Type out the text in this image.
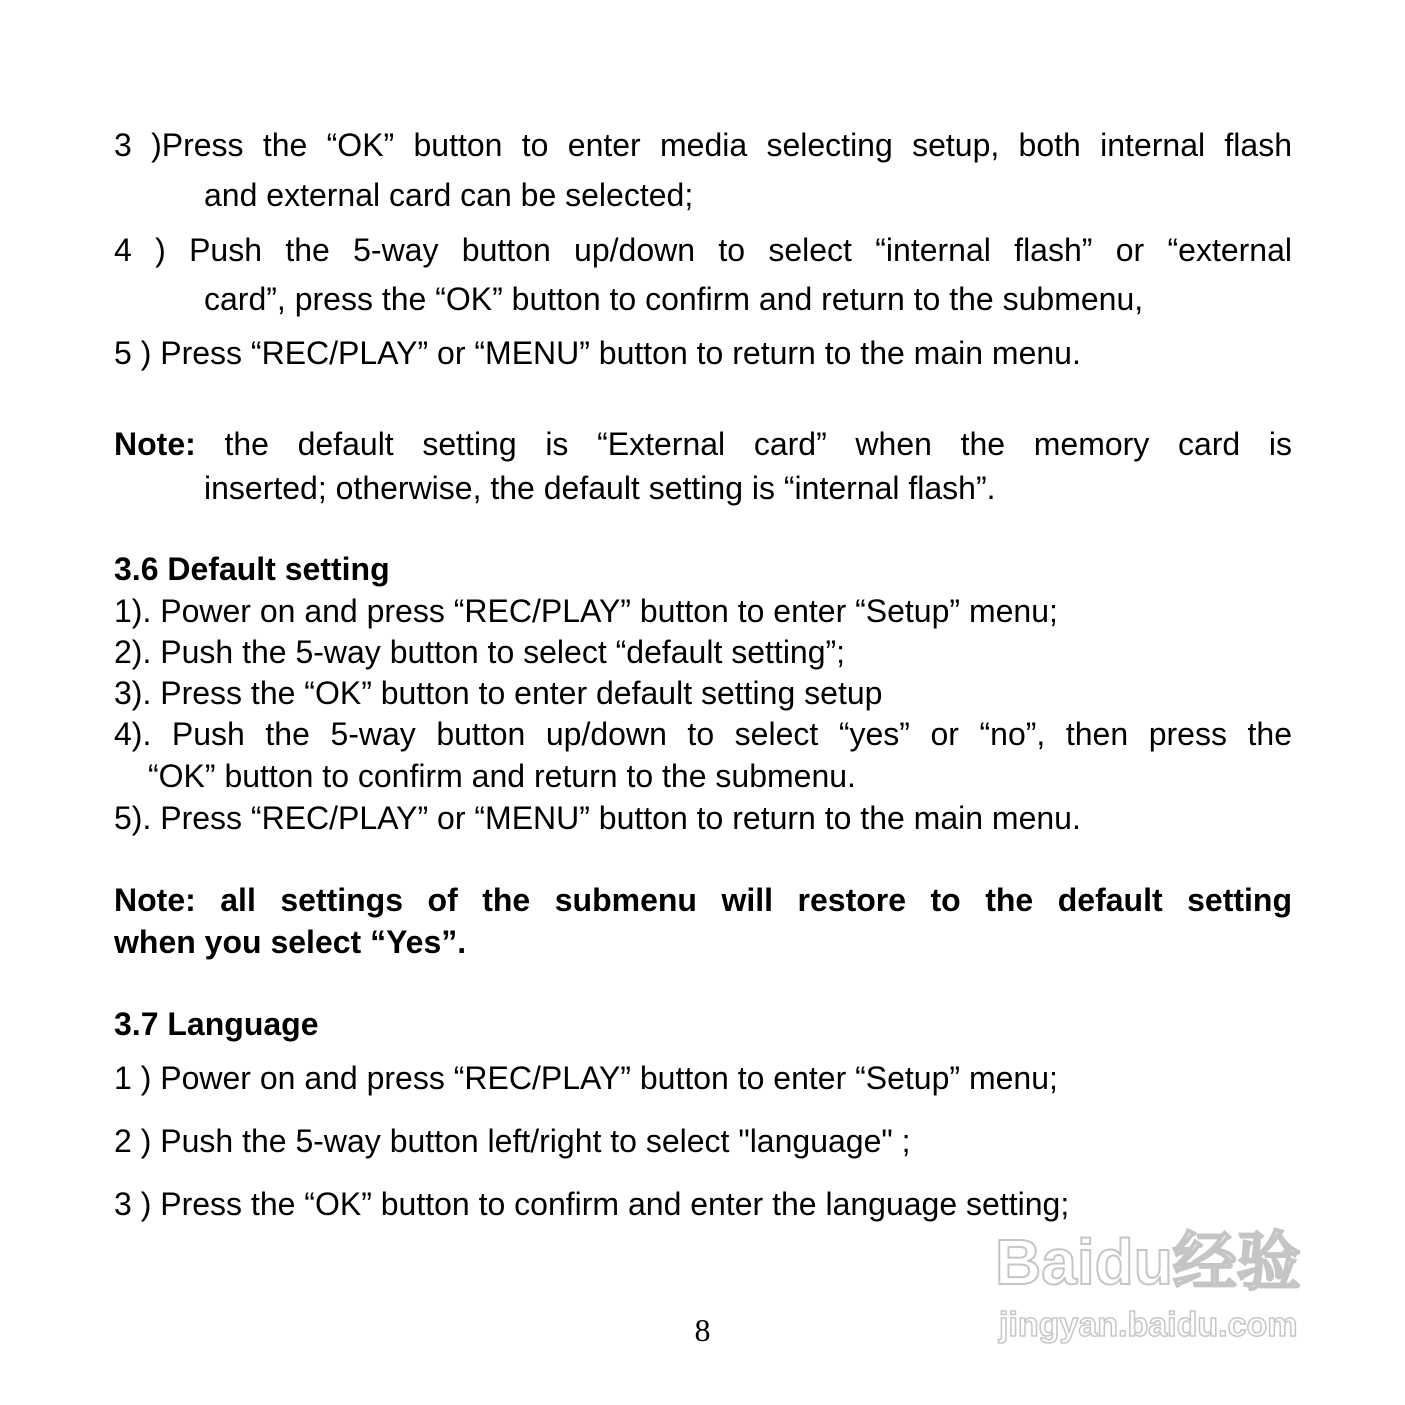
3 )Press the “OK” button to enter media selecting setup, both internal flash
and external card can be selected;
4 ) Push the 5-way button up/down to select “internal flash” or “external
card”, press the “OK” button to confirm and return to the submenu,
5 ) Press “REC/PLAY” or “MENU” button to return to the main menu.
Note: the default setting is “External card” when the memory card is
inserted; otherwise, the default setting is “internal flash”.
3.6 Default setting
1). Power on and press “REC/PLAY” button to enter “Setup” menu;
2). Push the 5-way button to select “default setting”;
3). Press the “OK” button to enter default setting setup
4). Push the 5-way button up/down to select “yes” or “no”, then press the
“OK” button to confirm and return to the submenu.
5). Press “REC/PLAY” or “MENU” button to return to the main menu.
Note: all settings of the submenu will restore to the default setting
when you select “Yes”.
3.7 Language
1 ) Power on and press “REC/PLAY” button to enter “Setup” menu;
2 ) Push the 5-way button left/right to select "language" ;
3 ) Press the “OK” button to confirm and enter the language setting;
8
Baidu经验
jingyan.baidu.com
